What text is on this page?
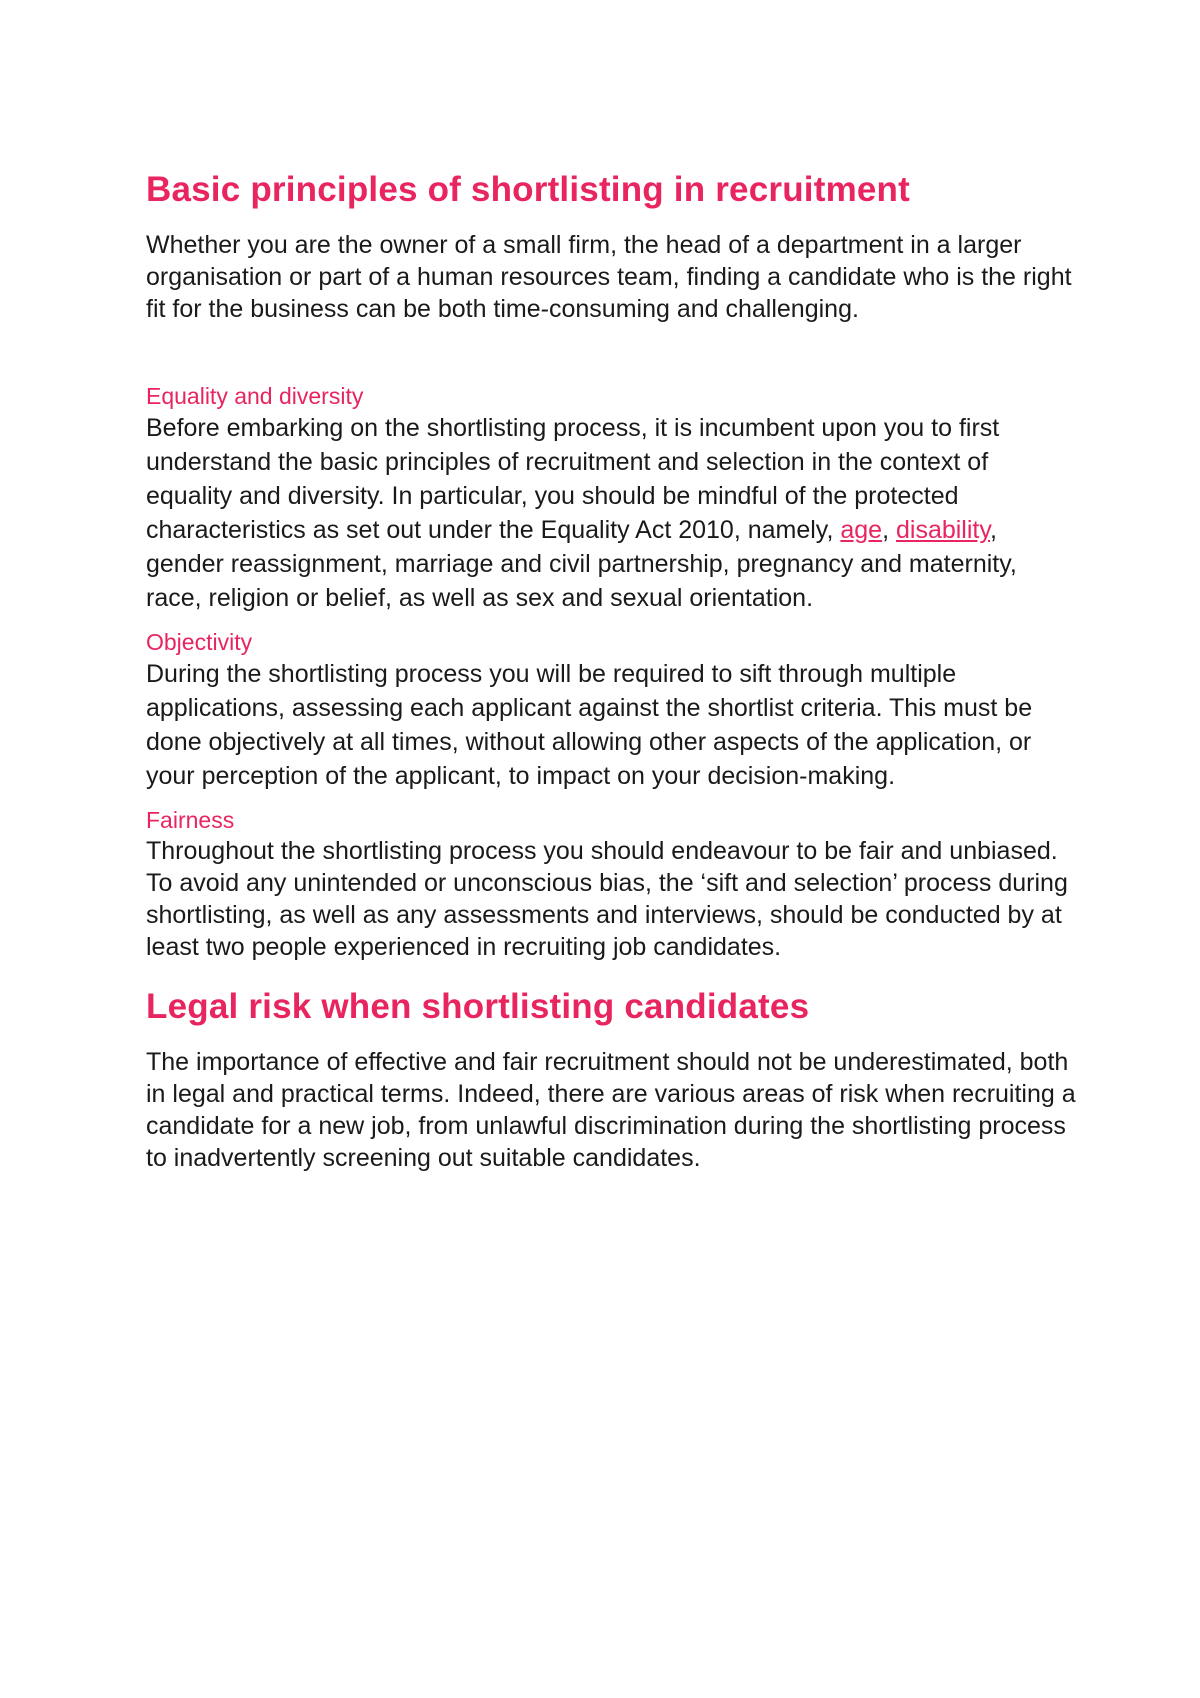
Basic principles of shortlisting in recruitment

Whether you are the owner of a small firm, the head of a department in a larger organisation or part of a human resources team, finding a candidate who is the right fit for the business can be both time-consuming and challenging.

Equality and diversity

Before embarking on the shortlisting process, it is incumbent upon you to first understand the basic principles of recruitment and selection in the context of equality and diversity. In particular, you should be mindful of the protected characteristics as set out under the Equality Act 2010, namely, age, disability, gender reassignment, marriage and civil partnership, pregnancy and maternity, race, religion or belief, as well as sex and sexual orientation.

Objectivity

During the shortlisting process you will be required to sift through multiple applications, assessing each applicant against the shortlist criteria. This must be done objectively at all times, without allowing other aspects of the application, or your perception of the applicant, to impact on your decision-making.

Fairness

Throughout the shortlisting process you should endeavour to be fair and unbiased. To avoid any unintended or unconscious bias, the ‘sift and selection’ process during shortlisting, as well as any assessments and interviews, should be conducted by at least two people experienced in recruiting job candidates.

Legal risk when shortlisting candidates

The importance of effective and fair recruitment should not be underestimated, both in legal and practical terms. Indeed, there are various areas of risk when recruiting a candidate for a new job, from unlawful discrimination during the shortlisting process to inadvertently screening out suitable candidates.
